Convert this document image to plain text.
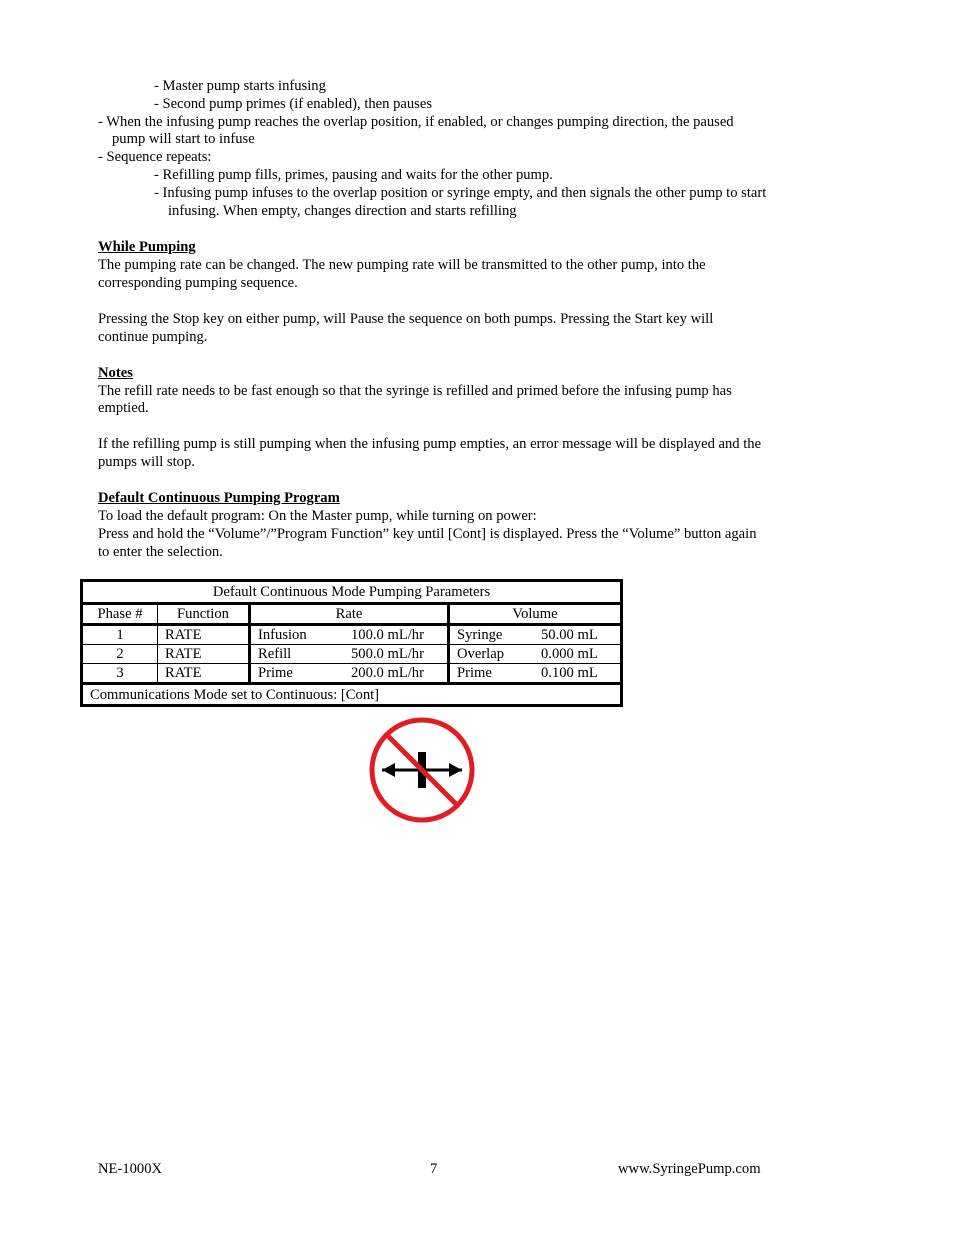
- Master pump starts infusing
- Second pump primes (if enabled), then pauses
- When the infusing pump reaches the overlap position, if enabled, or changes pumping direction, the paused
pump will start to infuse
- Sequence repeats:
- Refilling pump fills, primes, pausing and waits for the other pump.
- Infusing pump infuses to the overlap position or syringe empty, and then signals the other pump to start
infusing. When empty, changes direction and starts refilling
While Pumping
The pumping rate can be changed. The new pumping rate will be transmitted to the other pump, into the
corresponding pumping sequence.
Pressing the Stop key on either pump, will Pause the sequence on both pumps. Pressing the Start key will
continue pumping.
Notes
The refill rate needs to be fast enough so that the syringe is refilled and primed before the infusing pump has
emptied.
If the refilling pump is still pumping when the infusing pump empties, an error message will be displayed and the
pumps will stop.
Default Continuous Pumping Program
To load the default program: On the Master pump, while turning on power:
Press and hold the “Volume”/”Program Function” key until [Cont] is displayed. Press the “Volume” button again
to enter the selection.
Default Continuous Mode Pumping Parameters			
Phase #	Function	Rate	Volume
1	RATE	Infusion 100.0 mL/hr	Syringe 50.00 mL

2	RATE	Refill 500.0 mL/hr	Overlap 0.000 mL

3	RATE	Prime 200.0 mL/hr	Prime 0.100 mL

Communications Mode set to Continuous: [Cont]			
NE-1000X	7	www.SyringePump.com
